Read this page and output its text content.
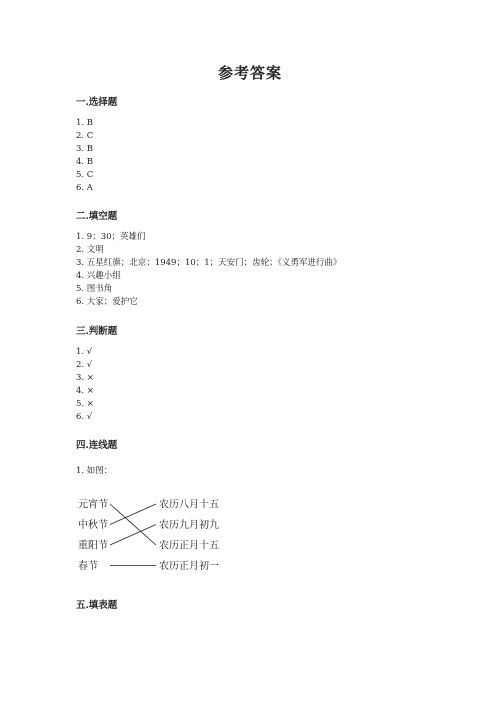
参考答案
一.选择题
1. B
2. C
3. B
4. B
5. C
6. A
二.填空题
1. 9；30；英雄们
2. 文明
3. 五星红旗；北京；1949；10；1；天安门；齿轮；《义勇军进行曲》
4. 兴趣小组
5. 图书角
6. 大家；爱护它
三.判断题
1. √
2. √
3. ×
4. ×
5. ×
6. √
四.连线题
1. 如图：
元宵节
中秋节
重阳节
春节
农历八月十五
农历九月初九
农历正月十五
农历正月初一
五.填表题
